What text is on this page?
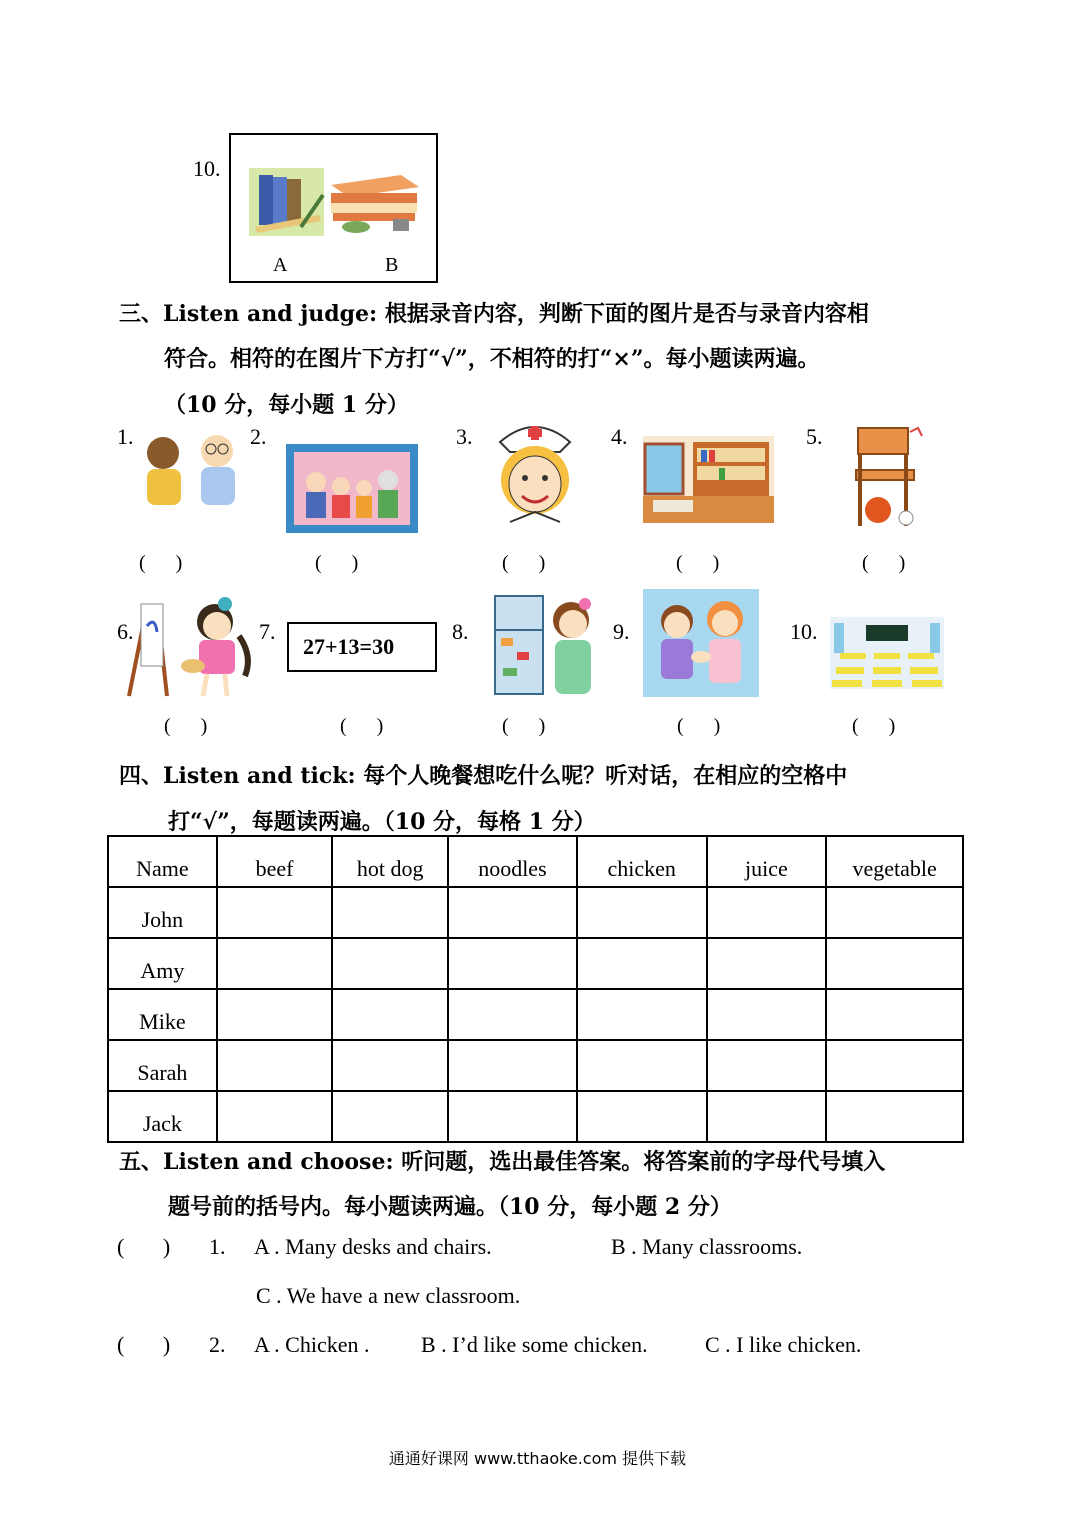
10.
A	B
三、Listen and judge: 根据录音内容，判断下面的图片是否与录音内容相
符合。相符的在图片下方打“√”，不相符的打“×”。每小题读两遍。
（10 分，每小题 1 分）
1.	2.	3.	4.	5.
(      )	(      )	(      )	(      )	(      )
6.	7.	8.	9.	10.
27+13=30
(      )	(      )	(      )	(      )	(      )
四、Listen and tick: 每个人晚餐想吃什么呢？听对话，在相应的空格中
打“√”，每题读两遍。（10 分，每格 1 分）
Name	beef	hot dog	noodles	chicken	juice	vegetable
John						
Amy						
Mike						
Sarah						
Jack						
五、Listen and choose: 听问题，选出最佳答案。将答案前的字母代号填入
题号前的括号内。每小题读两遍。（10 分，每小题 2 分）
(       ) 1. A . Many desks and chairs.	B . Many classrooms.
C . We have a new classroom.
(       ) 2. A . Chicken . B . I’d like some chicken.	C . I like chicken.
通通好课网 www.tthaoke.com 提供下载
